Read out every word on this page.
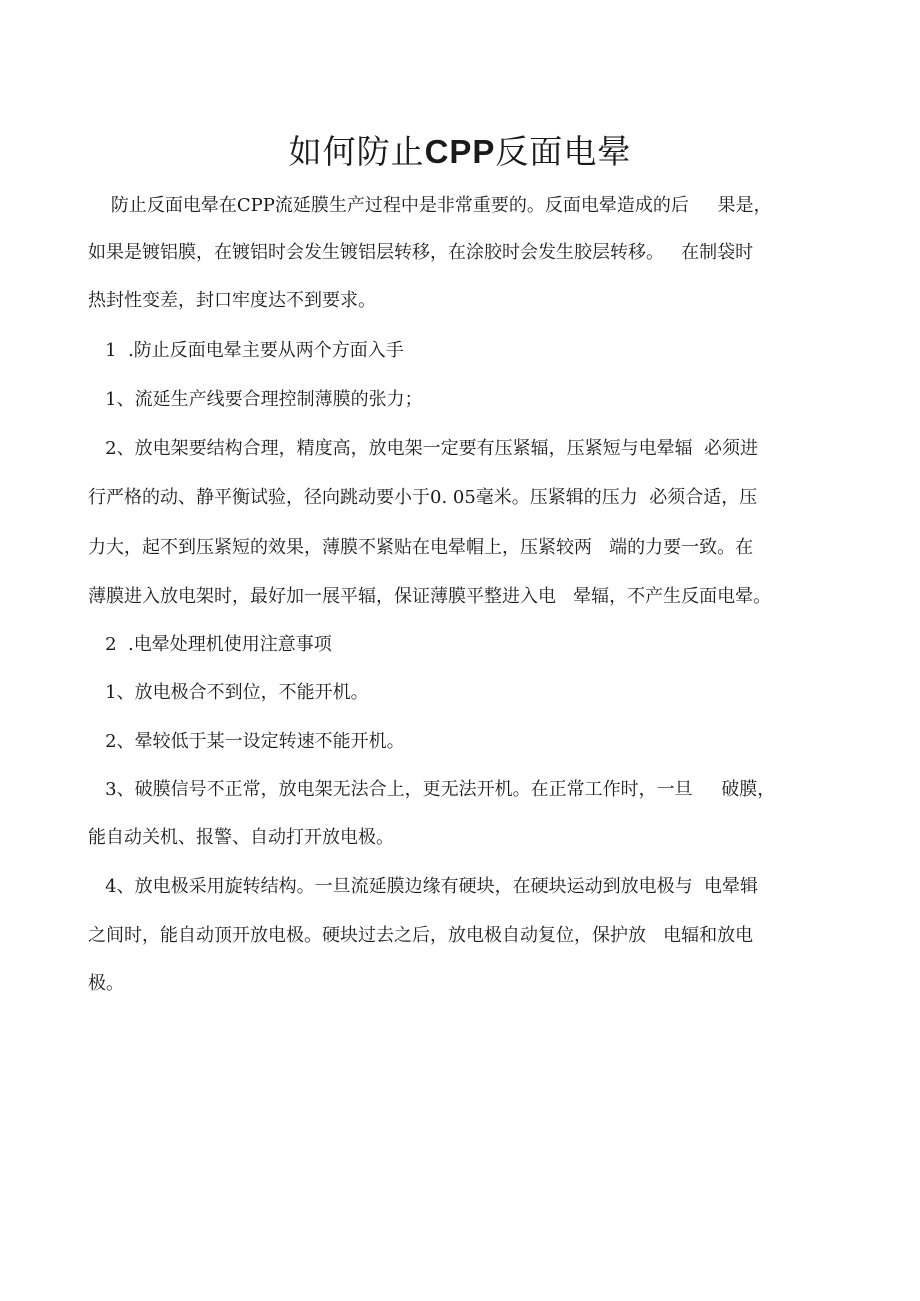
如何防止CPP反面电晕

防止反面电晕在CPP流延膜生产过程中是非常重要的。反面电晕造成的后     果是，

如果是镀铝膜，在镀铝时会发生镀铝层转移，在涂胶时会发生胶层转移。   在制袋时

热封性变差，封口牢度达不到要求。

1  .防止反面电晕主要从两个方面入手

1、流延生产线要合理控制薄膜的张力；

2、放电架要结构合理，精度高，放电架一定要有压紧辐，压紧短与电晕辐  必须进

行严格的动、静平衡试验，径向跳动要小于0. 05毫米。压紧辑的压力  必须合适，压

力大，起不到压紧短的效果，薄膜不紧贴在电晕帽上，压紧较两   端的力要一致。在

薄膜进入放电架时，最好加一展平辐，保证薄膜平整进入电   晕辐，不产生反面电晕。

2  .电晕处理机使用注意事项

1、放电极合不到位，不能开机。

2、晕较低于某一设定转速不能开机。

3、破膜信号不正常，放电架无法合上，更无法开机。在正常工作时，一旦     破膜，

能自动关机、报警、自动打开放电极。

4、放电极采用旋转结构。一旦流延膜边缘有硬块，在硬块运动到放电极与  电晕辑

之间时，能自动顶开放电极。硬块过去之后，放电极自动复位，保护放   电辐和放电

极。
